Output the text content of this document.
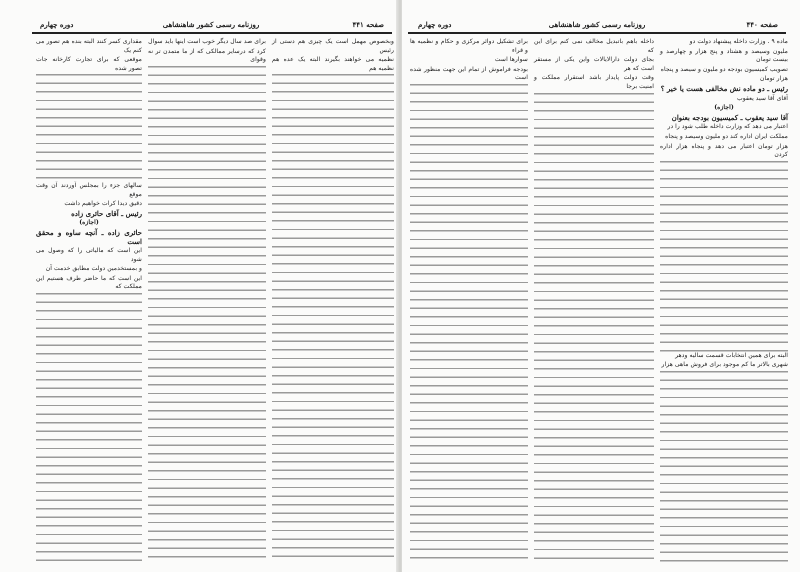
صفحه ۴۴۱
روزنامه رسمی کشور شاهنشاهی
دوره چهارم

وبخصوص مهمل است یک چیزی هم دستی از رئیس

نظمیه می خواهند بگیرند البته یک عده هم نظمیه هم

برای صد سال دیگر خوب است اینها باید سوال

کرد که درسایر ممالکی که از ما متمدن تر نه وقوای

مقداری کسر کنند البته بنده هم تصور می کنم یک

موقعی که برای تجارت کارخانه جات تصور شده

سالهای جزء را بمجلس آوردند آن وقت موقع

دقیق دیدا کرات خواهیم داشت

رئیس ـ آقای حائری زاده

(اجازه)

حائری زاده ـ آنچه ساوه و محقق است

این است که مالیاتی را که وصول می شود

و بمستخدمین دولت مطابق خدمت آن

این است که ما حاضر طرف هستیم این مملکت که

صفحه ۴۴۰
روزنامه رسمی کشور شاهنشاهی
دوره چهارم

ماده ۹ . وزارت داخله پیشنهاد دولت دو

ملیون وسیصد و هشتاد و پنج هزار و چهارصد و بیست تومان

تصویب کمیسیون بودجه دو ملیون و سیصد و پنجاه

هزار تومان

رئیس ـ دو ماده نش مخالفی هست یا خیر ؟

آقای آقا سید یعقوب

(اجازه)

آقا سید یعقوب ـ کمیسیون بودجه بعنوان

اعتبار می دهد که وزارت داخله طلب شود را در

مملکت ایران اداره کند دو ملیون وسیصد و پنجاه

هزار تومان اعتبار می دهد و پنجاه هزار اداره کردن

البته برای همین انتخابات قسمت سالیه ودهر

شهری بالاتر ما کم موجود برای فروش ماهی هزار

داخله باهم باتبدیل مخالف نمی کنم برای این که

بجای دولت دارالایالات واین یکی از مستقر است که هر

وقت دولت پایدار باشد استقرار مملکت و امنیت برجا

برای تشکیل دوائر مرکزی و حکام و نظمیه ها و قراء

سوارها است

بودجه فراموش از تمام این جهت منظور شده است
